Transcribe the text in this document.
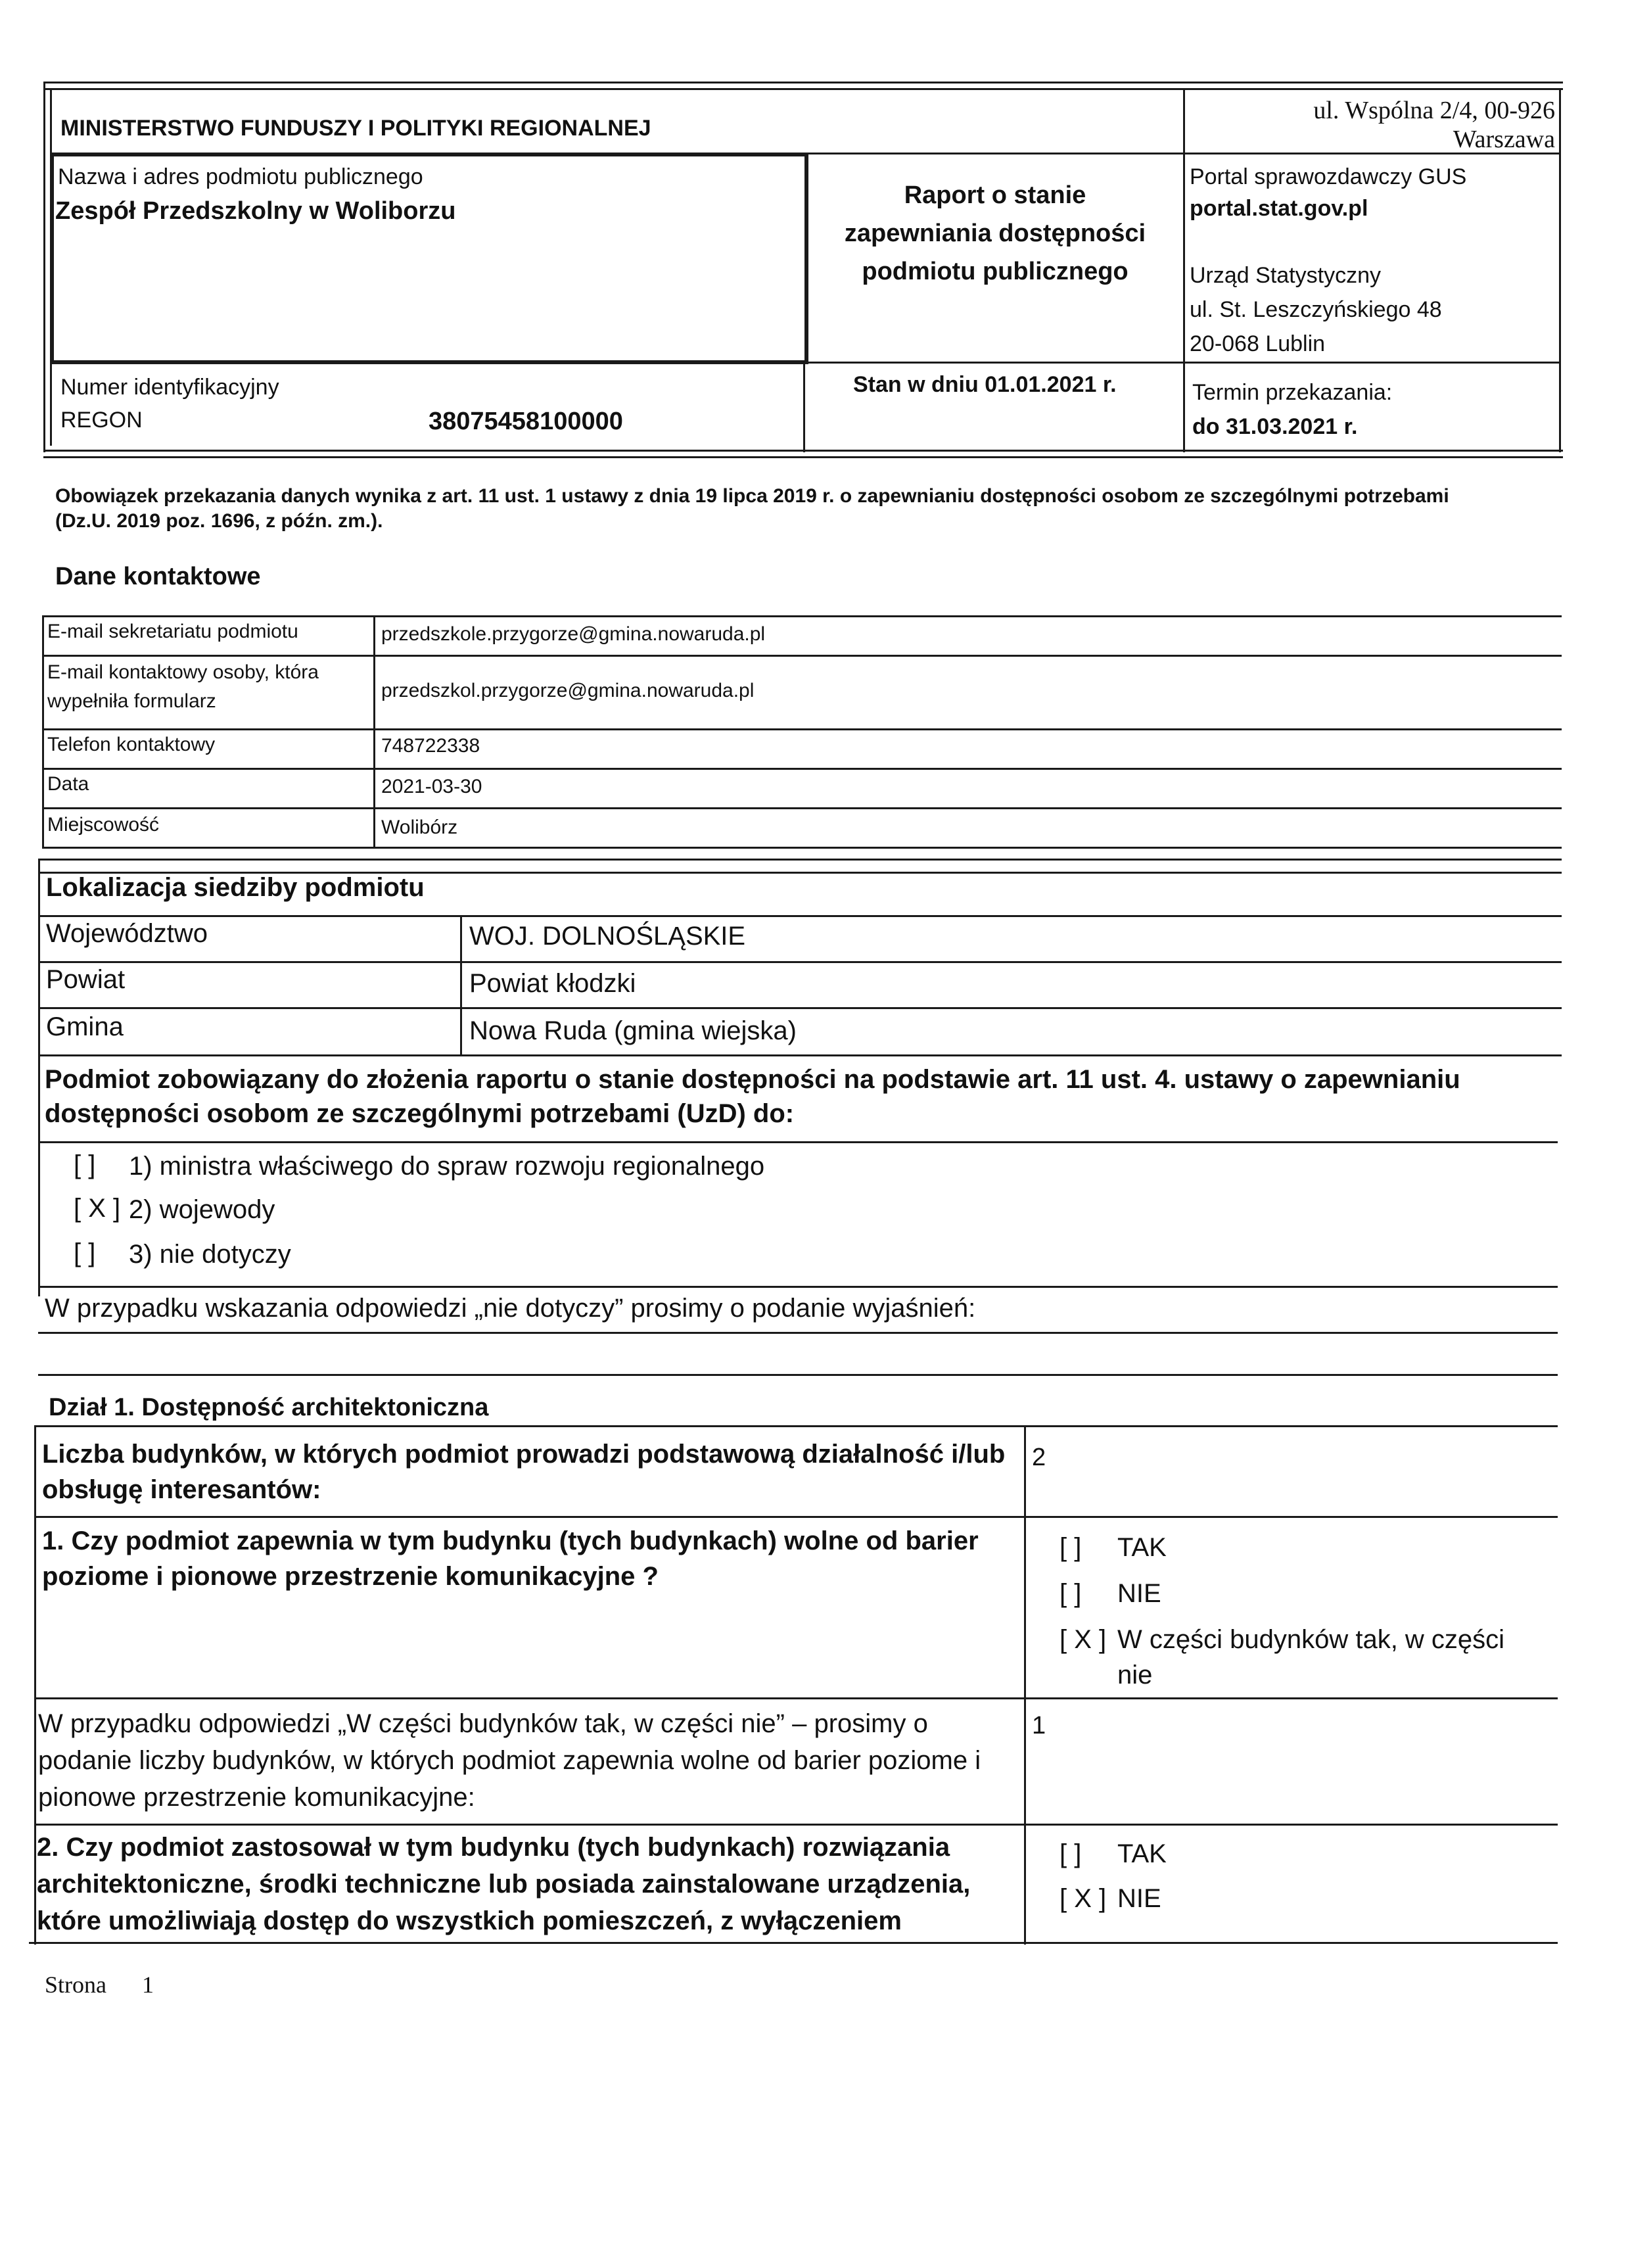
MINISTERSTWO FUNDUSZY I POLITYKI REGIONALNEJ
ul. Wspólna 2/4, 00-926
Warszawa
Nazwa i adres podmiotu publicznego
Zespół Przedszkolny w Woliborzu
Raport o stanie
zapewniania dostępności
podmiotu publicznego
Portal sprawozdawczy GUS
portal.stat.gov.pl
Urząd Statystyczny
ul. St. Leszczyńskiego 48
20-068 Lublin
Numer identyfikacyjny
REGON	38075458100000
Stan w dniu 01.01.2021 r.	Termin przekazania:
do 31.03.2021 r.
Obowiązek przekazania danych wynika z art. 11 ust. 1 ustawy z dnia 19 lipca 2019 r. o zapewnianiu dostępności osobom ze szczególnymi potrzebami
(Dz.U. 2019 poz. 1696, z późn. zm.).
Dane kontaktowe
E-mail sekretariatu podmiotu	przedszkole.przygorze@gmina.nowaruda.pl
E-mail kontaktowy osoby, która
wypełniła formularz	przedszkol.przygorze@gmina.nowaruda.pl
Telefon kontaktowy	748722338
Data	2021-03-30
Miejscowość	Wolibórz
Lokalizacja siedziby podmiotu
Województwo	WOJ. DOLNOŚLĄSKIE
Powiat	Powiat kłodzki
Gmina	Nowa Ruda (gmina wiejska)
Podmiot zobowiązany do złożenia raportu o stanie dostępności na podstawie art. 11 ust. 4. ustawy o zapewnianiu
dostępności osobom ze szczególnymi potrzebami (UzD) do:
[ ] 1) ministra właściwego do spraw rozwoju regionalnego
[ X ] 2) wojewody
[ ] 3) nie dotyczy
W przypadku wskazania odpowiedzi „nie dotyczy” prosimy o podanie wyjaśnień:
Dział 1. Dostępność architektoniczna
Liczba budynków, w których podmiot prowadzi podstawową działalność i/lub
obsługę interesantów:
2
1. Czy podmiot zapewnia w tym budynku (tych budynkach) wolne od barier
poziome i pionowe przestrzenie komunikacyjne ?
[ ] TAK
[ ] NIE
[ X ] W części budynków tak, w części
nie
W przypadku odpowiedzi „W części budynków tak, w części nie” – prosimy o
podanie liczby budynków, w których podmiot zapewnia wolne od barier poziome i
pionowe przestrzenie komunikacyjne:
1
2. Czy podmiot zastosował w tym budynku (tych budynkach) rozwiązania
architektoniczne, środki techniczne lub posiada zainstalowane urządzenia,
które umożliwiają dostęp do wszystkich pomieszczeń, z wyłączeniem
[ ] TAK
[ X ] NIE
Strona 1
